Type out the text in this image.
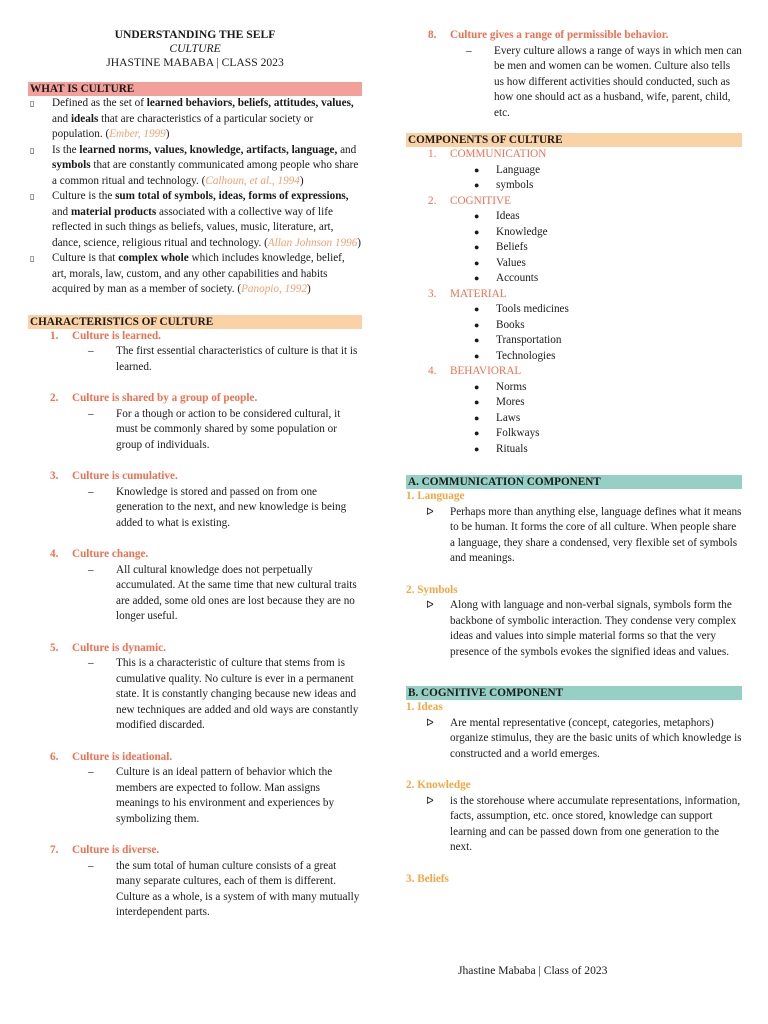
UNDERSTANDING THE SELF
CULTURE
JHASTINE MABABA | CLASS 2023
WHAT IS CULTURE
▯	Defined as the set of learned behaviors, beliefs, attitudes, values, and ideals that are characteristics of a particular society or population. (Ember, 1999)
▯	Is the learned norms, values, knowledge, artifacts, language, and symbols that are constantly communicated among people who share a common ritual and technology. (Calhoun, et al., 1994)
▯	Culture is the sum total of symbols, ideas, forms of expressions, and material products associated with a collective way of life reflected in such things as beliefs, values, music, literature, art, dance, science, religious ritual and technology. (Allan Johnson 1996)
▯	Culture is that complex whole which includes knowledge, belief, art, morals, law, custom, and any other capabilities and habits acquired by man as a member of society. (Panopio, 1992)
CHARACTERISTICS OF CULTURE
1.	Culture is learned.
–	The first essential characteristics of culture is that it is learned.
2.	Culture is shared by a group of people.
–	For a though or action to be considered cultural, it must be commonly shared by some population or group of individuals.
3.	Culture is cumulative.
–	Knowledge is stored and passed on from one generation to the next, and new knowledge is being added to what is existing.
4.	Culture change.
–	All cultural knowledge does not perpetually accumulated. At the same time that new cultural traits are added, some old ones are lost because they are no longer useful.
5.	Culture is dynamic.
–	This is a characteristic of culture that stems from is cumulative quality. No culture is ever in a permanent state. It is constantly changing because new ideas and new techniques are added and old ways are constantly modified discarded.
6.	Culture is ideational.
–	Culture is an ideal pattern of behavior which the members are expected to follow. Man assigns meanings to his environment and experiences by symbolizing them.
7.	Culture is diverse.
–	the sum total of human culture consists of a great many separate cultures, each of them is different. Culture as a whole, is a system of with many mutually interdependent parts.
8.	Culture gives a range of permissible behavior.
–	Every culture allows a range of ways in which men can be men and women can be women. Culture also tells us how different activities should conducted, such as how one should act as a husband, wife, parent, child, etc.
COMPONENTS OF CULTURE
1.	COMMUNICATION
●	Language
●	symbols
2.	COGNITIVE
●	Ideas
●	Knowledge
●	Beliefs
●	Values
●	Accounts
3.	MATERIAL
●	Tools medicines
●	Books
●	Transportation
●	Technologies
4.	BEHAVIORAL
●	Norms
●	Mores
●	Laws
●	Folkways
●	Rituals
A. COMMUNICATION COMPONENT
1. Language
ᐅ	Perhaps more than anything else, language defines what it means to be human. It forms the core of all culture. When people share a language, they share a condensed, very flexible set of symbols and meanings.
2. Symbols
ᐅ	Along with language and non-verbal signals, symbols form the backbone of symbolic interaction. They condense very complex ideas and values into simple material forms so that the very presence of the symbols evokes the signified ideas and values.
B. COGNITIVE COMPONENT
1. Ideas
ᐅ	Are mental representative (concept, categories, metaphors) organize stimulus, they are the basic units of which knowledge is constructed and a world emerges.
2. Knowledge
ᐅ	is the storehouse where accumulate representations, information, facts, assumption, etc. once stored, knowledge can support learning and can be passed down from one generation to the next.
3. Beliefs
Jhastine Mababa | Class of 2023
